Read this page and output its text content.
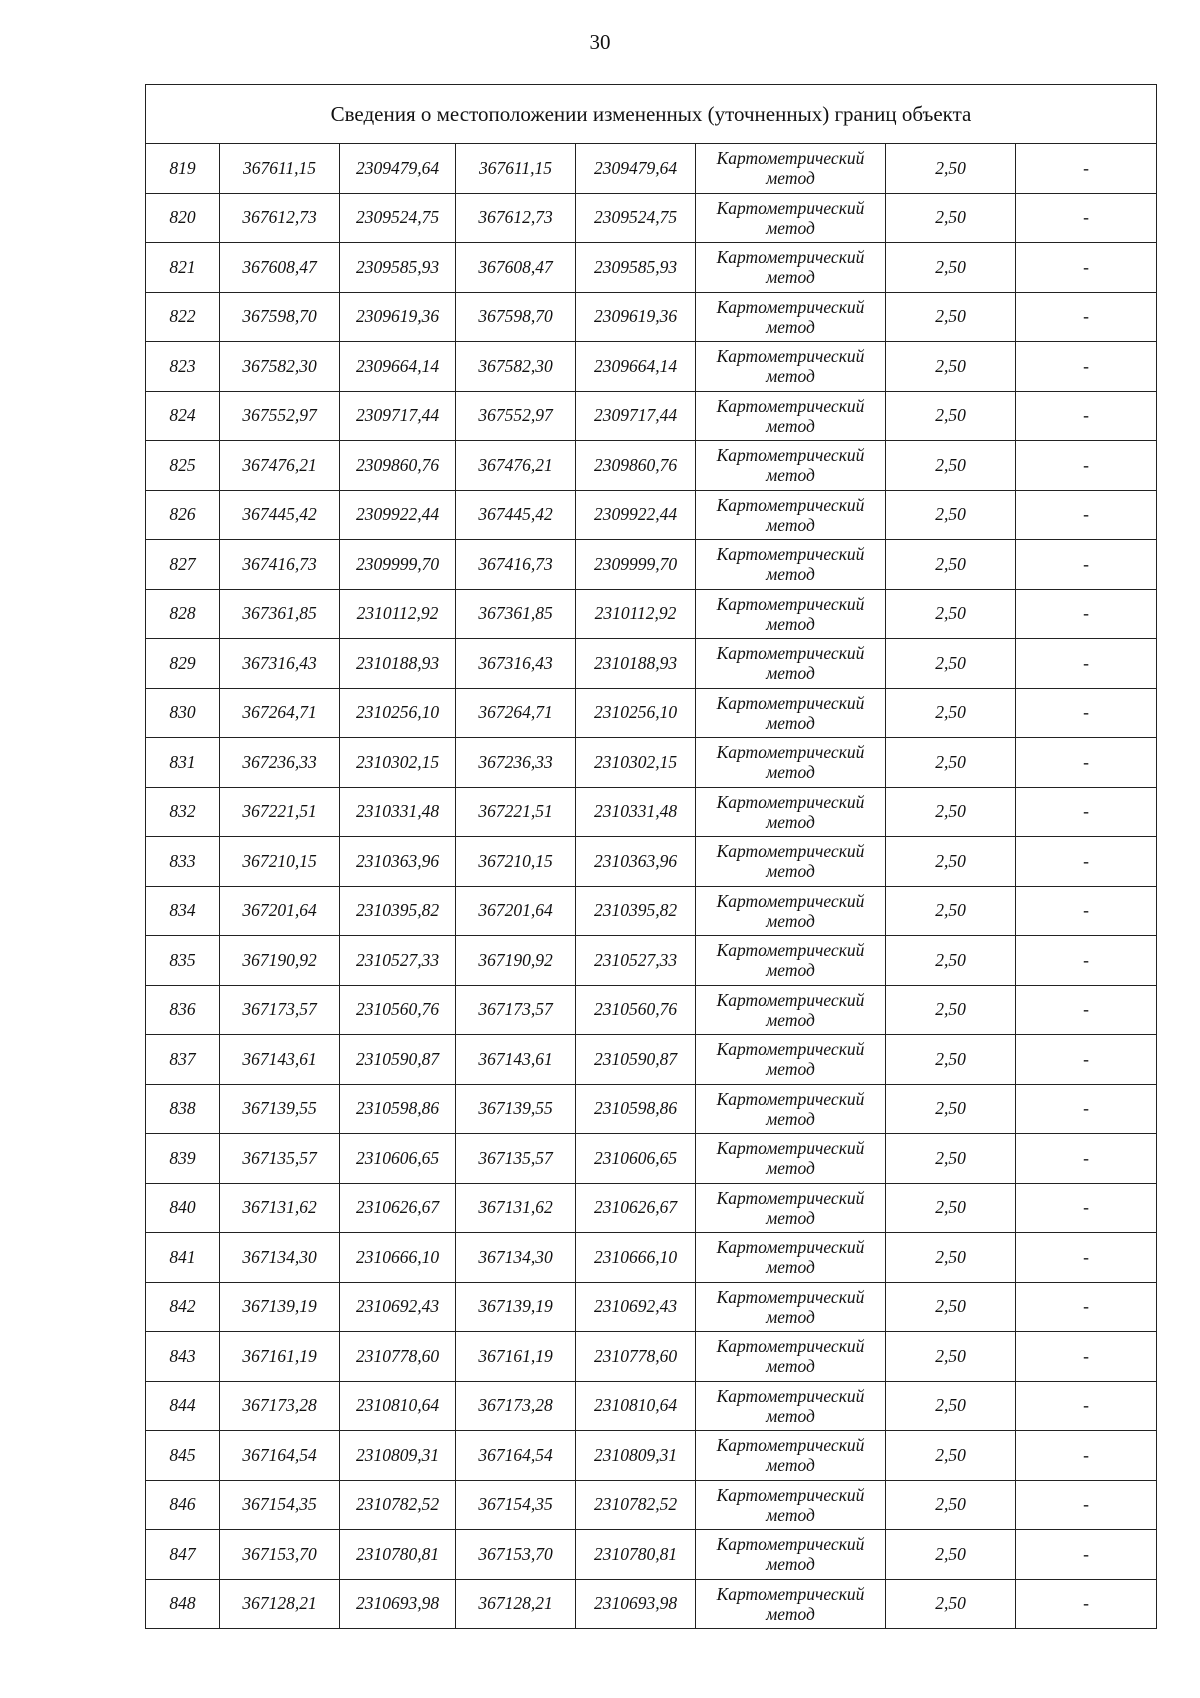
30
Сведения о местоположении измененных (уточненных) границ объекта							
819	367611,15	2309479,64	367611,15	2309479,64	Картометрический
метод	2,50	-
820	367612,73	2309524,75	367612,73	2309524,75	Картометрический
метод	2,50	-
821	367608,47	2309585,93	367608,47	2309585,93	Картометрический
метод	2,50	-
822	367598,70	2309619,36	367598,70	2309619,36	Картометрический
метод	2,50	-
823	367582,30	2309664,14	367582,30	2309664,14	Картометрический
метод	2,50	-
824	367552,97	2309717,44	367552,97	2309717,44	Картометрический
метод	2,50	-
825	367476,21	2309860,76	367476,21	2309860,76	Картометрический
метод	2,50	-
826	367445,42	2309922,44	367445,42	2309922,44	Картометрический
метод	2,50	-
827	367416,73	2309999,70	367416,73	2309999,70	Картометрический
метод	2,50	-
828	367361,85	2310112,92	367361,85	2310112,92	Картометрический
метод	2,50	-
829	367316,43	2310188,93	367316,43	2310188,93	Картометрический
метод	2,50	-
830	367264,71	2310256,10	367264,71	2310256,10	Картометрический
метод	2,50	-
831	367236,33	2310302,15	367236,33	2310302,15	Картометрический
метод	2,50	-
832	367221,51	2310331,48	367221,51	2310331,48	Картометрический
метод	2,50	-
833	367210,15	2310363,96	367210,15	2310363,96	Картометрический
метод	2,50	-
834	367201,64	2310395,82	367201,64	2310395,82	Картометрический
метод	2,50	-
835	367190,92	2310527,33	367190,92	2310527,33	Картометрический
метод	2,50	-
836	367173,57	2310560,76	367173,57	2310560,76	Картометрический
метод	2,50	-
837	367143,61	2310590,87	367143,61	2310590,87	Картометрический
метод	2,50	-
838	367139,55	2310598,86	367139,55	2310598,86	Картометрический
метод	2,50	-
839	367135,57	2310606,65	367135,57	2310606,65	Картометрический
метод	2,50	-
840	367131,62	2310626,67	367131,62	2310626,67	Картометрический
метод	2,50	-
841	367134,30	2310666,10	367134,30	2310666,10	Картометрический
метод	2,50	-
842	367139,19	2310692,43	367139,19	2310692,43	Картометрический
метод	2,50	-
843	367161,19	2310778,60	367161,19	2310778,60	Картометрический
метод	2,50	-
844	367173,28	2310810,64	367173,28	2310810,64	Картометрический
метод	2,50	-
845	367164,54	2310809,31	367164,54	2310809,31	Картометрический
метод	2,50	-
846	367154,35	2310782,52	367154,35	2310782,52	Картометрический
метод	2,50	-
847	367153,70	2310780,81	367153,70	2310780,81	Картометрический
метод	2,50	-
848	367128,21	2310693,98	367128,21	2310693,98	Картометрический
метод	2,50	-
